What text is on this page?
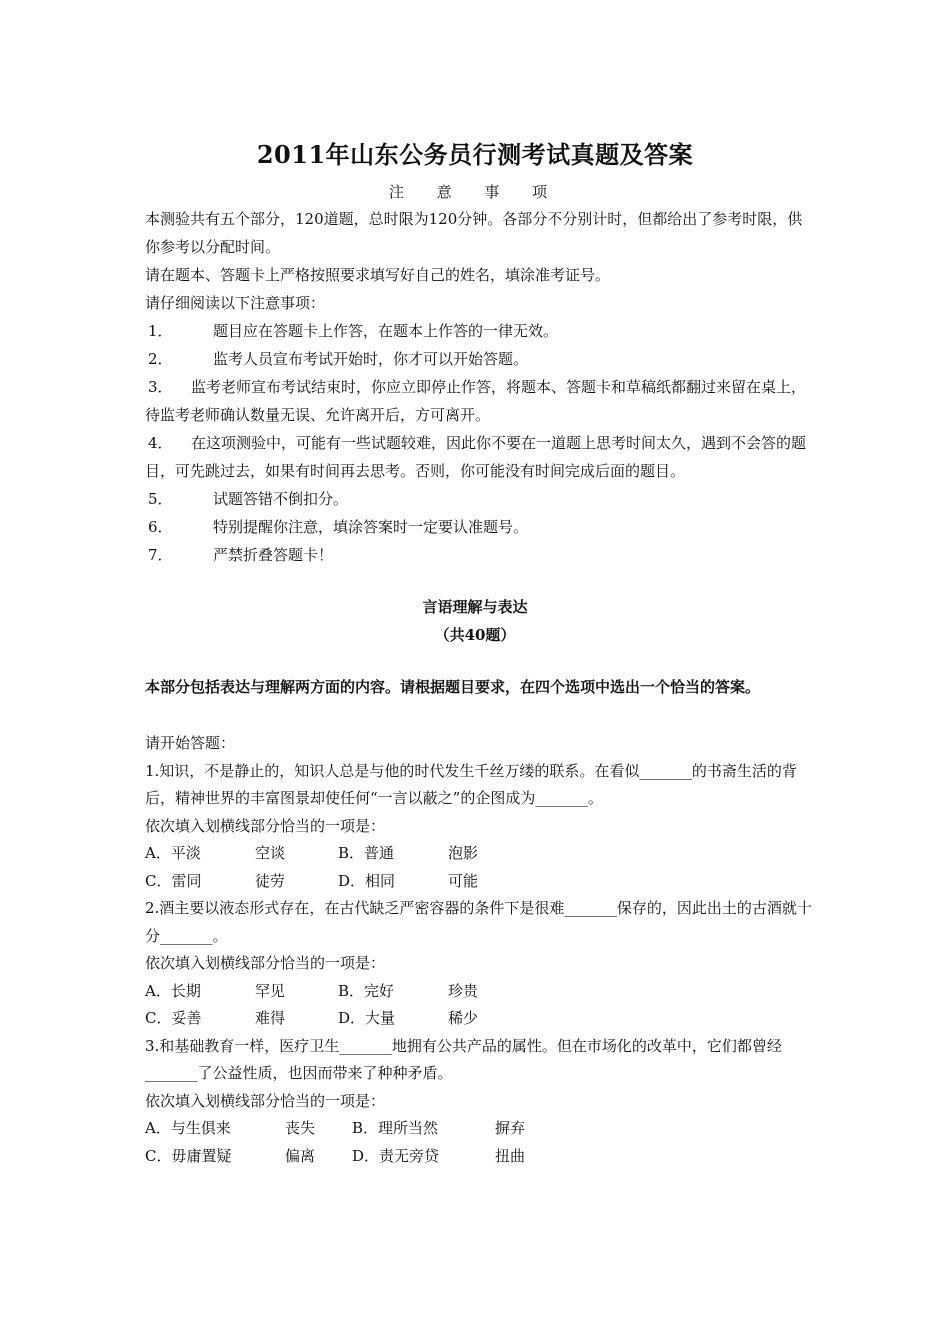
2011年山东公务员行测考试真题及答案
注 意 事 项

本测验共有五个部分，120道题，总时限为120分钟。各部分不分别计时，但都给出了参考时限，供你参考以分配时间。

请在题本、答题卡上严格按照要求填写好自己的姓名，填涂准考证号。

请仔细阅读以下注意事项：

1．	　题目应在答题卡上作答，在题本上作答的一律无效。
2．	　监考人员宣布考试开始时，你才可以开始答题。
3． 监考老师宣布考试结束时，你应立即停止作答，将题本、答题卡和草稿纸都翻过来留在桌上，待监考老师确认数量无误、允许离开后，方可离开。
4． 在这项测验中，可能有一些试题较难，因此你不要在一道题上思考时间太久，遇到不会答的题目，可先跳过去，如果有时间再去思考。否则，你可能没有时间完成后面的题目。
5．	　试题答错不倒扣分。
6．	　特别提醒你注意，填涂答案时一定要认准题号。
7．	　严禁折叠答题卡！
言语理解与表达
（共40题）
本部分包括表达与理解两方面的内容。请根据题目要求，在四个选项中选出一个恰当的答案。

请开始答题：

1.知识，不是静止的，知识人总是与他的时代发生千丝万缕的联系。在看似_______的书斋生活的背后，精神世界的丰富图景却使任何“一言以蔽之”的企图成为_______。

依次填入划横线部分恰当的一项是：

A．平淡	空谈	B．普通	泡影
C．雷同	徒劳	D．相同	可能

2.酒主要以液态形式存在，在古代缺乏严密容器的条件下是很难_______保存的，因此出土的古酒就十分_______。

依次填入划横线部分恰当的一项是：

A．长期	罕见	B．完好	珍贵
C．妥善	难得	D．大量	稀少

3.和基础教育一样，医疗卫生_______地拥有公共产品的属性。但在市场化的改革中，它们都曾经_______了公益性质，也因而带来了种种矛盾。

依次填入划横线部分恰当的一项是：

A．与生俱来	丧失	B．理所当然	摒弃
C．毋庸置疑	偏离	D．责无旁贷	扭曲
